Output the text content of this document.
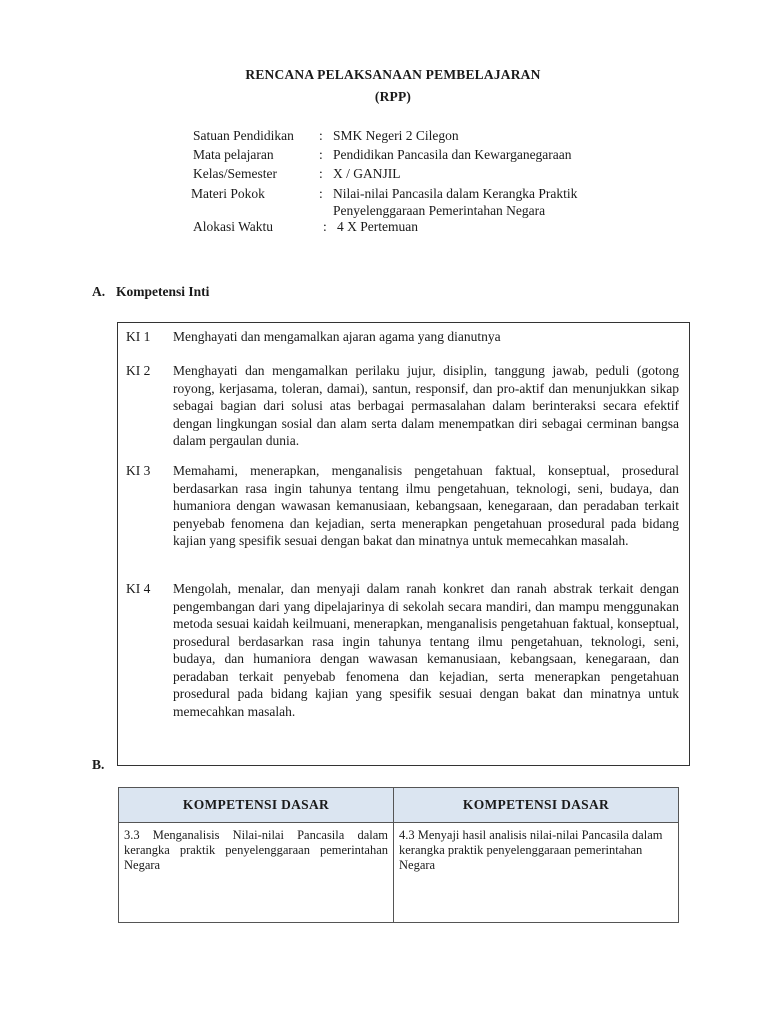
RENCANA PELAKSANAAN PEMBELAJARAN
(RPP)
Satuan Pendidikan : SMK Negeri 2 Cilegon
Mata pelajaran	: Pendidikan Pancasila dan Kewarganegaraan
Kelas/Semester	: X / GANJIL
Materi Pokok	: Nilai-nilai Pancasila dalam Kerangka Praktik
Penyelenggaraan Pemerintahan Negara
Alokasi Waktu	: 4 X Pertemuan
A. Kompetensi Inti
B.
KI 1 Menghayati dan mengamalkan ajaran agama yang dianutnya
KI 2 Menghayati dan mengamalkan perilaku jujur, disiplin, tanggung jawab, peduli (gotong royong, kerjasama, toleran, damai), santun, responsif, dan pro-aktif dan menunjukkan sikap sebagai bagian dari solusi atas berbagai permasalahan dalam berinteraksi secara efektif dengan lingkungan sosial dan alam serta dalam menempatkan diri sebagai cerminan bangsa dalam pergaulan dunia.
KI 3 Memahami, menerapkan, menganalisis pengetahuan faktual, konseptual, prosedural berdasarkan rasa ingin tahunya tentang ilmu pengetahuan, teknologi, seni, budaya, dan humaniora dengan wawasan kemanusiaan, kebangsaan, kenegaraan, dan peradaban terkait penyebab fenomena dan kejadian, serta menerapkan pengetahuan prosedural pada bidang kajian yang spesifik sesuai dengan bakat dan minatnya untuk memecahkan masalah.
KI 4 Mengolah, menalar, dan menyaji dalam ranah konkret dan ranah abstrak terkait dengan pengembangan dari yang dipelajarinya di sekolah secara mandiri, dan mampu menggunakan metoda sesuai kaidah keilmuani, menerapkan, menganalisis pengetahuan faktual, konseptual, prosedural berdasarkan rasa ingin tahunya tentang ilmu pengetahuan, teknologi, seni, budaya, dan humaniora dengan wawasan kemanusiaan, kebangsaan, kenegaraan, dan peradaban terkait penyebab fenomena dan kejadian, serta menerapkan pengetahuan prosedural pada bidang kajian yang spesifik sesuai dengan bakat dan minatnya untuk memecahkan masalah.
KOMPETENSI DASAR	KOMPETENSI DASAR
3.3 Menganalisis Nilai-nilai Pancasila dalam kerangka praktik penyelenggaraan pemerintahan Negara	4.3 Menyaji hasil analisis nilai-nilai Pancasila dalam kerangka praktik penyelenggaraan pemerintahan Negara
